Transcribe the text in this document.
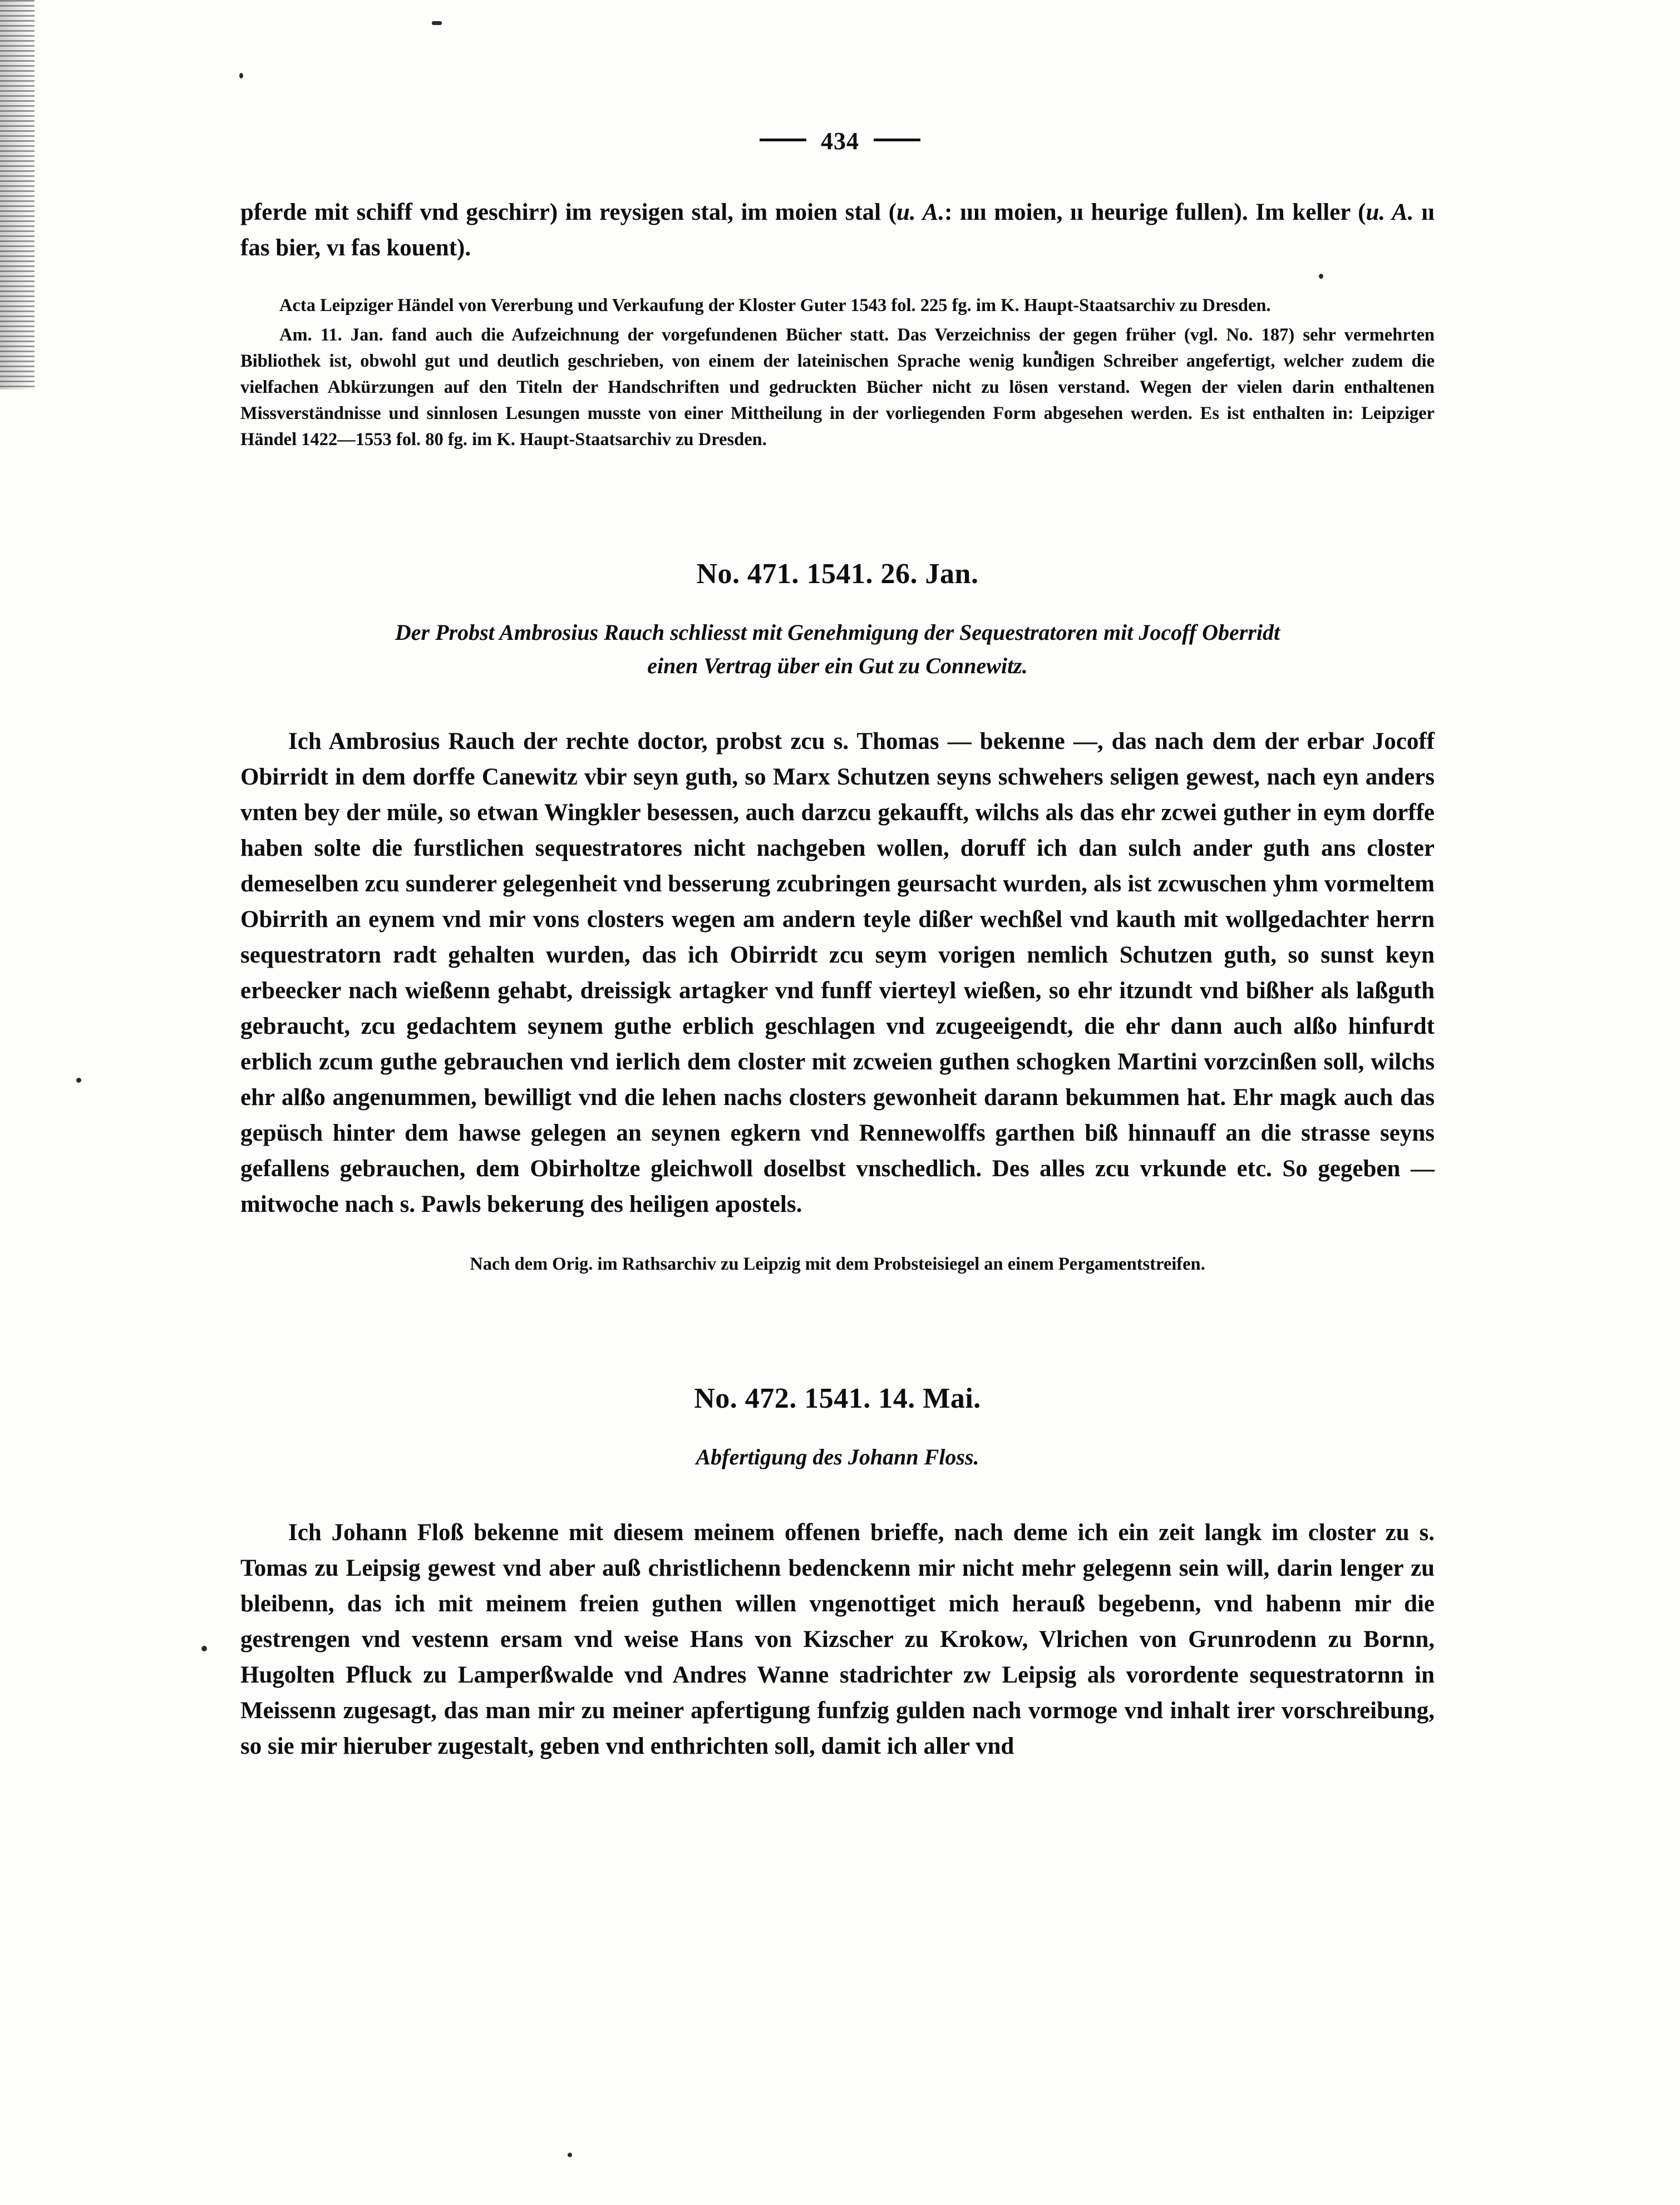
434

pferde mit schiff vnd geschirr) im reysigen stal, im moien stal (u. A.: ıııı moien, ıı heurige fullen). Im keller (u. A. ıı fas bier, vı fas kouent).

Acta Leipziger Händel von Vererbung und Verkaufung der Kloster Guter 1543 fol. 225 fg. im K. Haupt-Staatsarchiv zu Dresden.

Am. 11. Jan. fand auch die Aufzeichnung der vorgefundenen Bücher statt. Das Verzeichniss der gegen früher (vgl. No. 187) sehr vermehrten Bibliothek ist, obwohl gut und deutlich geschrieben, von einem der lateinischen Sprache wenig kundigen Schreiber angefertigt, welcher zudem die vielfachen Abkürzungen auf den Titeln der Handschriften und gedruckten Bücher nicht zu lösen verstand. Wegen der vielen darin enthaltenen Missverständnisse und sinnlosen Lesungen musste von einer Mittheilung in der vorliegenden Form abgesehen werden. Es ist enthalten in: Leipziger Händel 1422—1553 fol. 80 fg. im K. Haupt-Staatsarchiv zu Dresden.

No. 471. 1541. 26. Jan.

Der Probst Ambrosius Rauch schliesst mit Genehmigung der Sequestratoren mit Jocoff Oberridt
einen Vertrag über ein Gut zu Connewitz.

Ich Ambrosius Rauch der rechte doctor, probst zcu s. Thomas — bekenne —, das nach dem der erbar Jocoff Obirridt in dem dorffe Canewitz vbir seyn guth, so Marx Schutzen seyns schwehers seligen gewest, nach eyn anders vnten bey der müle, so etwan Wingkler besessen, auch darzcu gekaufft, wilchs als das ehr zcwei guther in eym dorffe haben solte die furstlichen sequestratores nicht nachgeben wollen, doruff ich dan sulch ander guth ans closter demeselben zcu sunderer gelegenheit vnd besserung zcubringen geursacht wurden, als ist zcwuschen yhm vormeltem Obirrith an eynem vnd mir vons closters wegen am andern teyle dißer wechßel vnd kauth mit wollgedachter herrn sequestratorn radt gehalten wurden, das ich Obirridt zcu seym vorigen nemlich Schutzen guth, so sunst keyn erbeecker nach wießenn gehabt, dreissigk artagker vnd funff vierteyl wießen, so ehr itzundt vnd bißher als laßguth gebraucht, zcu gedachtem seynem guthe erblich geschlagen vnd zcugeeigendt, die ehr dann auch alßo hinfurdt erblich zcum guthe gebrauchen vnd ierlich dem closter mit zcweien guthen schogken Martini vorzcinßen soll, wilchs ehr alßo angenummen, bewilligt vnd die lehen nachs closters gewonheit darann bekummen hat. Ehr magk auch das gepüsch hinter dem hawse gelegen an seynen egkern vnd Rennewolffs garthen biß hinnauff an die strasse seyns gefallens gebrauchen, dem Obirholtze gleichwoll doselbst vnschedlich. Des alles zcu vrkunde etc. So gegeben — mitwoche nach s. Pawls bekerung des heiligen apostels.

Nach dem Orig. im Rathsarchiv zu Leipzig mit dem Probsteisiegel an einem Pergamentstreifen.

No. 472. 1541. 14. Mai.

Abfertigung des Johann Floss.

Ich Johann Floß bekenne mit diesem meinem offenen brieffe, nach deme ich ein zeit langk im closter zu s. Tomas zu Leipsig gewest vnd aber auß christlichenn bedenckenn mir nicht mehr gelegenn sein will, darin lenger zu bleibenn, das ich mit meinem freien guthen willen vngenottiget mich herauß begebenn, vnd habenn mir die gestrengen vnd vestenn ersam vnd weise Hans von Kizscher zu Krokow, Vlrichen von Grunrodenn zu Bornn, Hugolten Pfluck zu Lamperßwalde vnd Andres Wanne stadrichter zw Leipsig als vorordente sequestratornn in Meissenn zugesagt, das man mir zu meiner apfertigung funfzig gulden nach vormoge vnd inhalt irer vorschreibung, so sie mir hieruber zugestalt, geben vnd enthrichten soll, damit ich aller vnd
